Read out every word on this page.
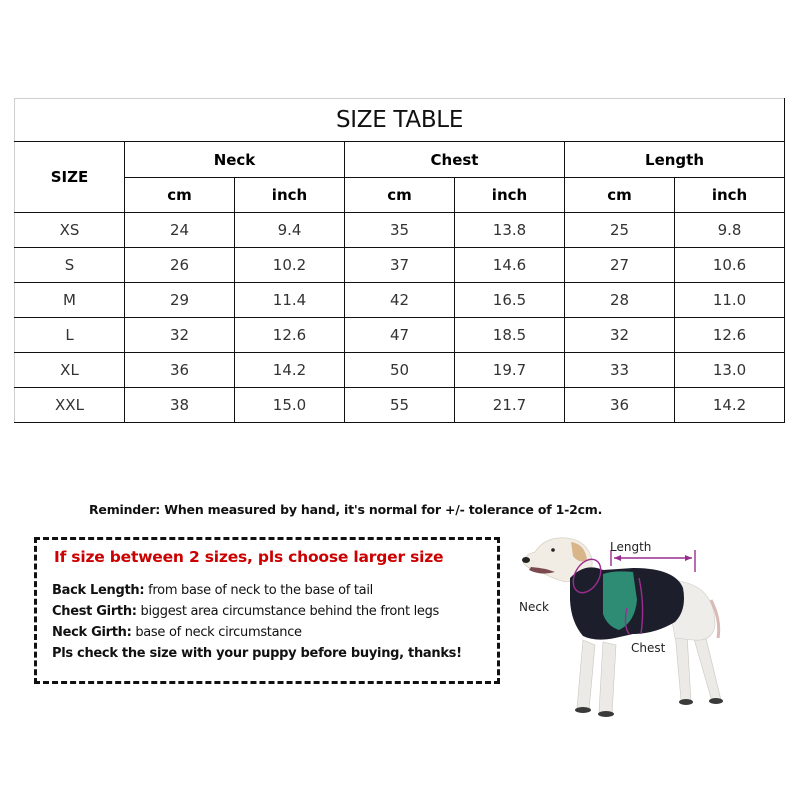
SIZE TABLE						
SIZE	Neck		Chest		Length	
	cm	inch	cm	inch	cm	inch
XS	24	9.4	35	13.8	25	9.8
S	26	10.2	37	14.6	27	10.6
M	29	11.4	42	16.5	28	11.0
L	32	12.6	47	18.5	32	12.6
XL	36	14.2	50	19.7	33	13.0
XXL	38	15.0	55	21.7	36	14.2
Reminder: When measured by hand, it's normal for +/- tolerance of 1-2cm.
If size between 2 sizes, pls choose larger size
Back Length: from base of neck to the base of tail
Chest Girth: biggest area circumstance behind the front legs
Neck Girth: base of neck circumstance
Pls check the size with your puppy before buying, thanks!
Length
Neck
Chest
